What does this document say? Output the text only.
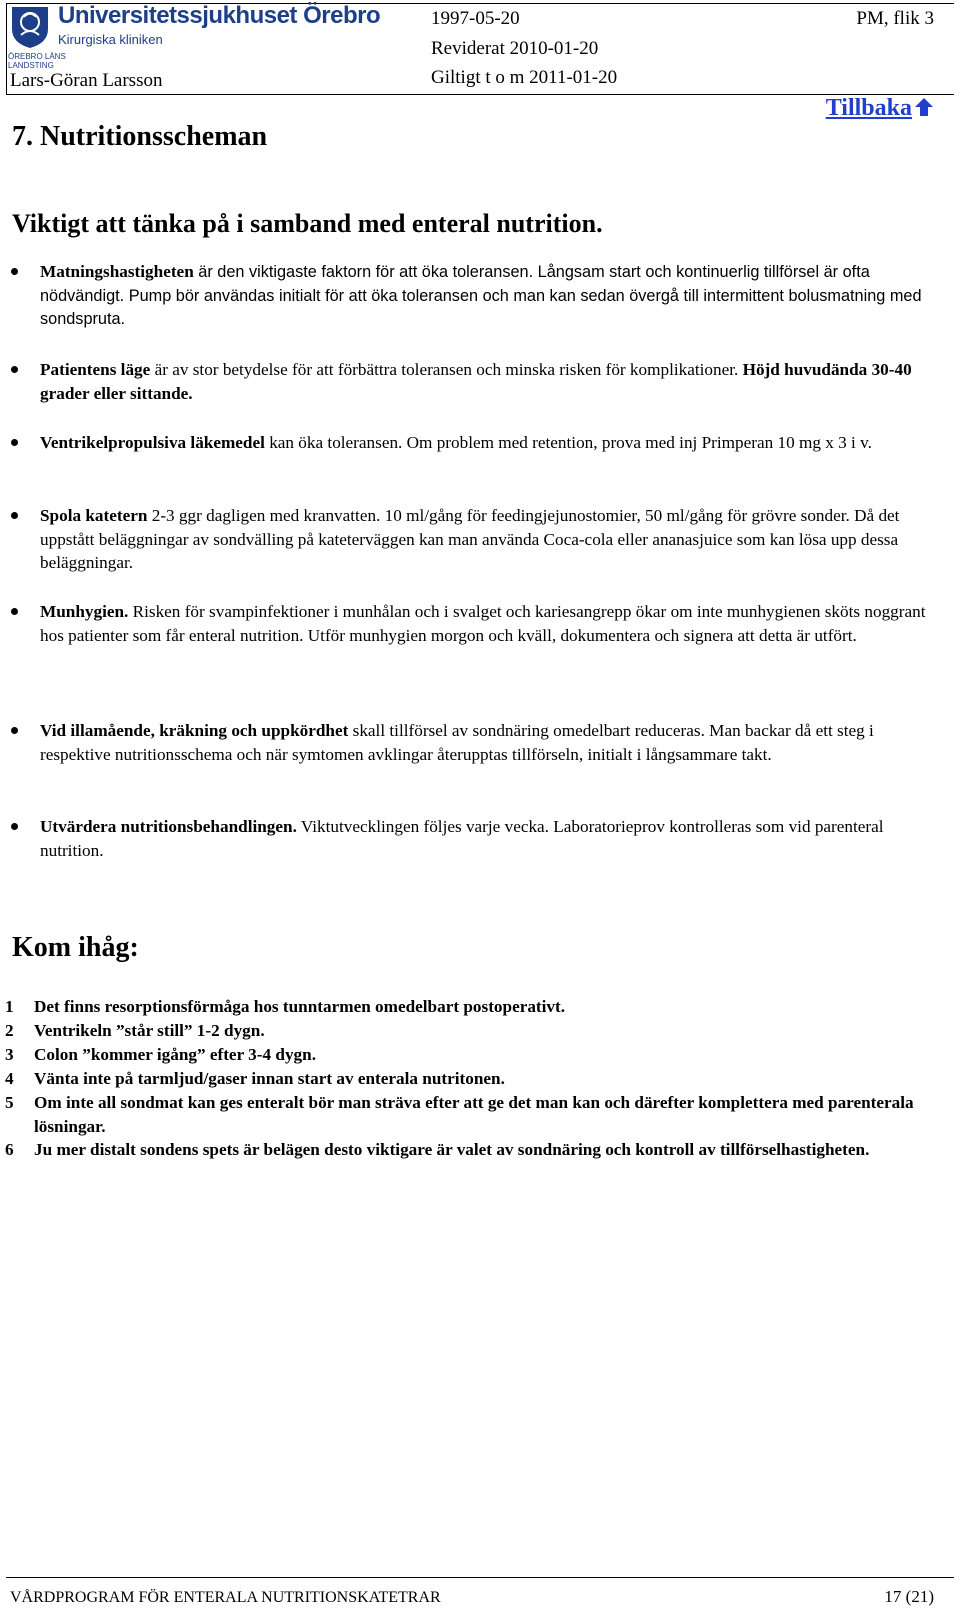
Universitetssjukhuset Örebro
Kirurgiska kliniken
ÖREBRO LÄNS LANDSTING
Lars-Göran Larsson
1997-05-20
Reviderat 2010-01-20
Giltigt t o m 2011-01-20
PM, flik 3
Tillbaka
7. Nutritionsscheman
Viktigt att tänka på i samband med enteral nutrition.
Matningshastigheten är den viktigaste faktorn för att öka toleransen. Långsam start och kontinuerlig tillförsel är ofta nödvändigt. Pump bör användas initialt för att öka toleransen och man kan sedan övergå till intermittent bolusmatning med sondspruta.
Patientens läge är av stor betydelse för att förbättra toleransen och minska risken för komplikationer. Höjd huvudända 30-40 grader eller sittande.
Ventrikelpropulsiva läkemedel kan öka toleransen. Om problem med retention, prova med inj Primperan 10 mg x 3 i v.
Spola katetern 2-3 ggr dagligen med kranvatten. 10 ml/gång för feedingjejunostomier, 50 ml/gång för grövre sonder. Då det uppstått beläggningar av sondvälling på kateterväggen kan man använda Coca-cola eller ananasjuice som kan lösa upp dessa beläggningar.
Munhygien. Risken för svampinfektioner i munhålan och i svalget och kariesangrepp ökar om inte munhygienen sköts noggrant hos patienter som får enteral nutrition. Utför munhygien morgon och kväll, dokumentera och signera att detta är utfört.
Vid illamående, kräkning och uppkördhet skall tillförsel av sondnäring omedelbart reduceras. Man backar då ett steg i respektive nutritionsschema och när symtomen avklingar återupptas tillförseln, initialt i långsammare takt.
Utvärdera nutritionsbehandlingen. Viktutvecklingen följes varje vecka. Laboratorieprov kontrolleras som vid parenteral nutrition.
Kom ihåg:
1 Det finns resorptionsförmåga hos tunntarmen omedelbart postoperativt.
2 Ventrikeln ”står still” 1-2 dygn.
3 Colon ”kommer igång” efter 3-4 dygn.
4 Vänta inte på tarmljud/gaser innan start av enterala nutritonen.
5 Om inte all sondmat kan ges enteralt bör man sträva efter att ge det man kan och därefter komplettera med parenterala lösningar.
6 Ju mer distalt sondens spets är belägen desto viktigare är valet av sondnäring och kontroll av tillförselhastigheten.
VÅRDPROGRAM FÖR ENTERALA NUTRITIONSKATETRAR	17 (21)
